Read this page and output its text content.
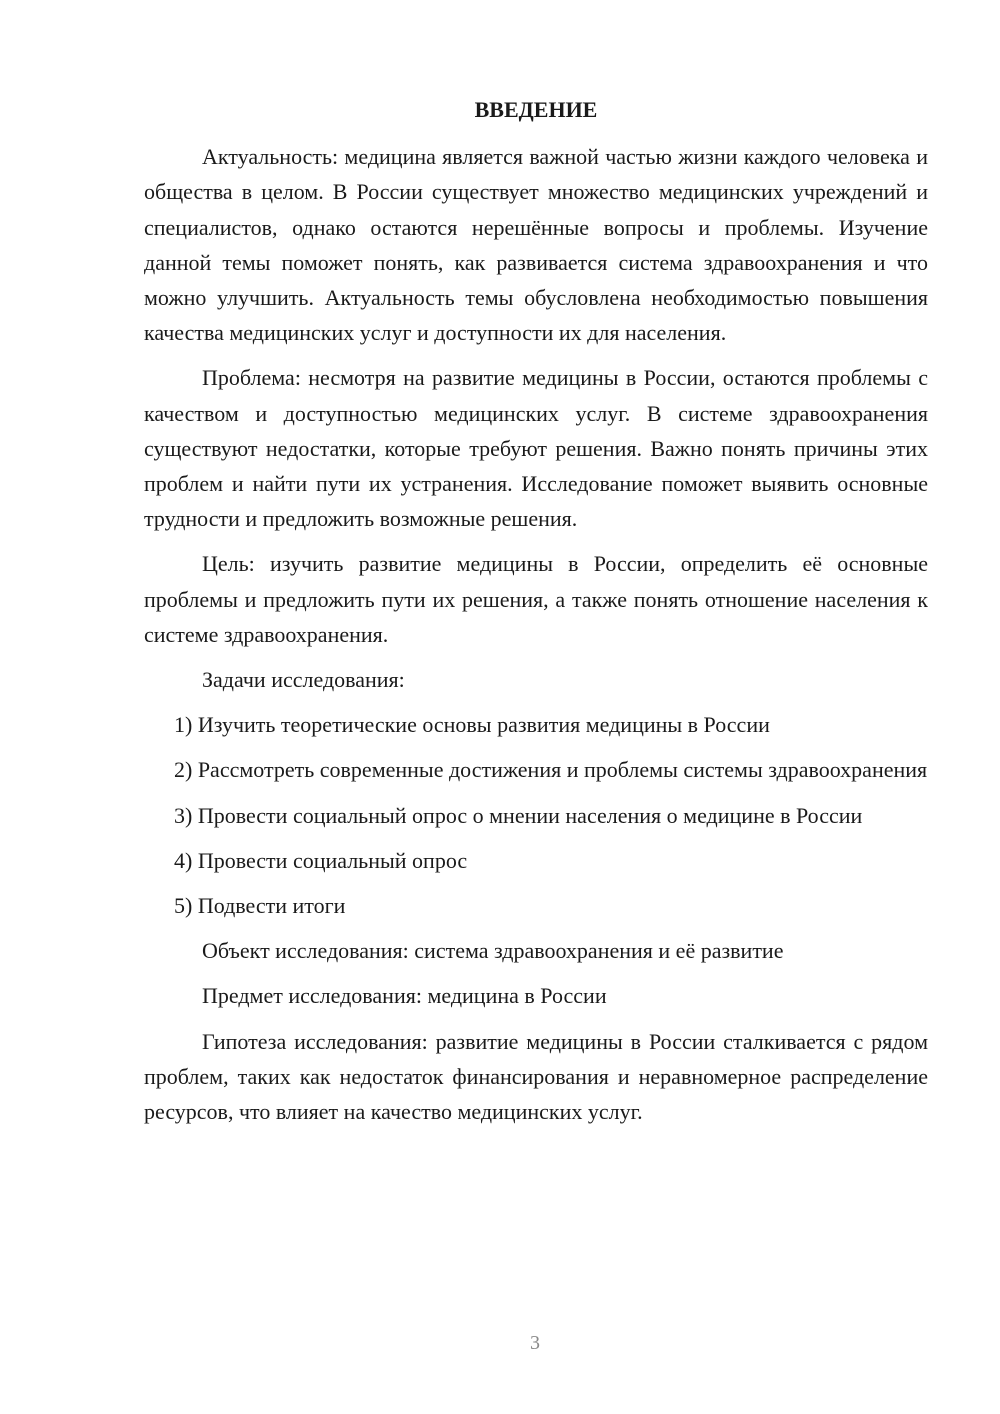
ВВЕДЕНИЕ

Актуальность: медицина является важной частью жизни каждого человека и общества в целом. В России существует множество медицинских учреждений и специалистов, однако остаются нерешённые вопросы и проблемы. Изучение данной темы поможет понять, как развивается система здравоохранения и что можно улучшить. Актуальность темы обусловлена необходимостью повышения качества медицинских услуг и доступности их для населения.

Проблема: несмотря на развитие медицины в России, остаются проблемы с качеством и доступностью медицинских услуг. В системе здравоохранения существуют недостатки, которые требуют решения. Важно понять причины этих проблем и найти пути их устранения. Исследование поможет выявить основные трудности и предложить возможные решения.

Цель: изучить развитие медицины в России, определить её основные проблемы и предложить пути их решения, а также понять отношение населения к системе здравоохранения.

Задачи исследования:

1) Изучить теоретические основы развития медицины в России

2) Рассмотреть современные достижения и проблемы системы здравоохранения

3) Провести социальный опрос о мнении населения о медицине в России

4) Провести социальный опрос

5) Подвести итоги

Объект исследования: система здравоохранения и её развитие

Предмет исследования: медицина в России

Гипотеза исследования: развитие медицины в России сталкивается с рядом проблем, таких как недостаток финансирования и неравномерное распределение ресурсов, что влияет на качество медицинских услуг.

3
